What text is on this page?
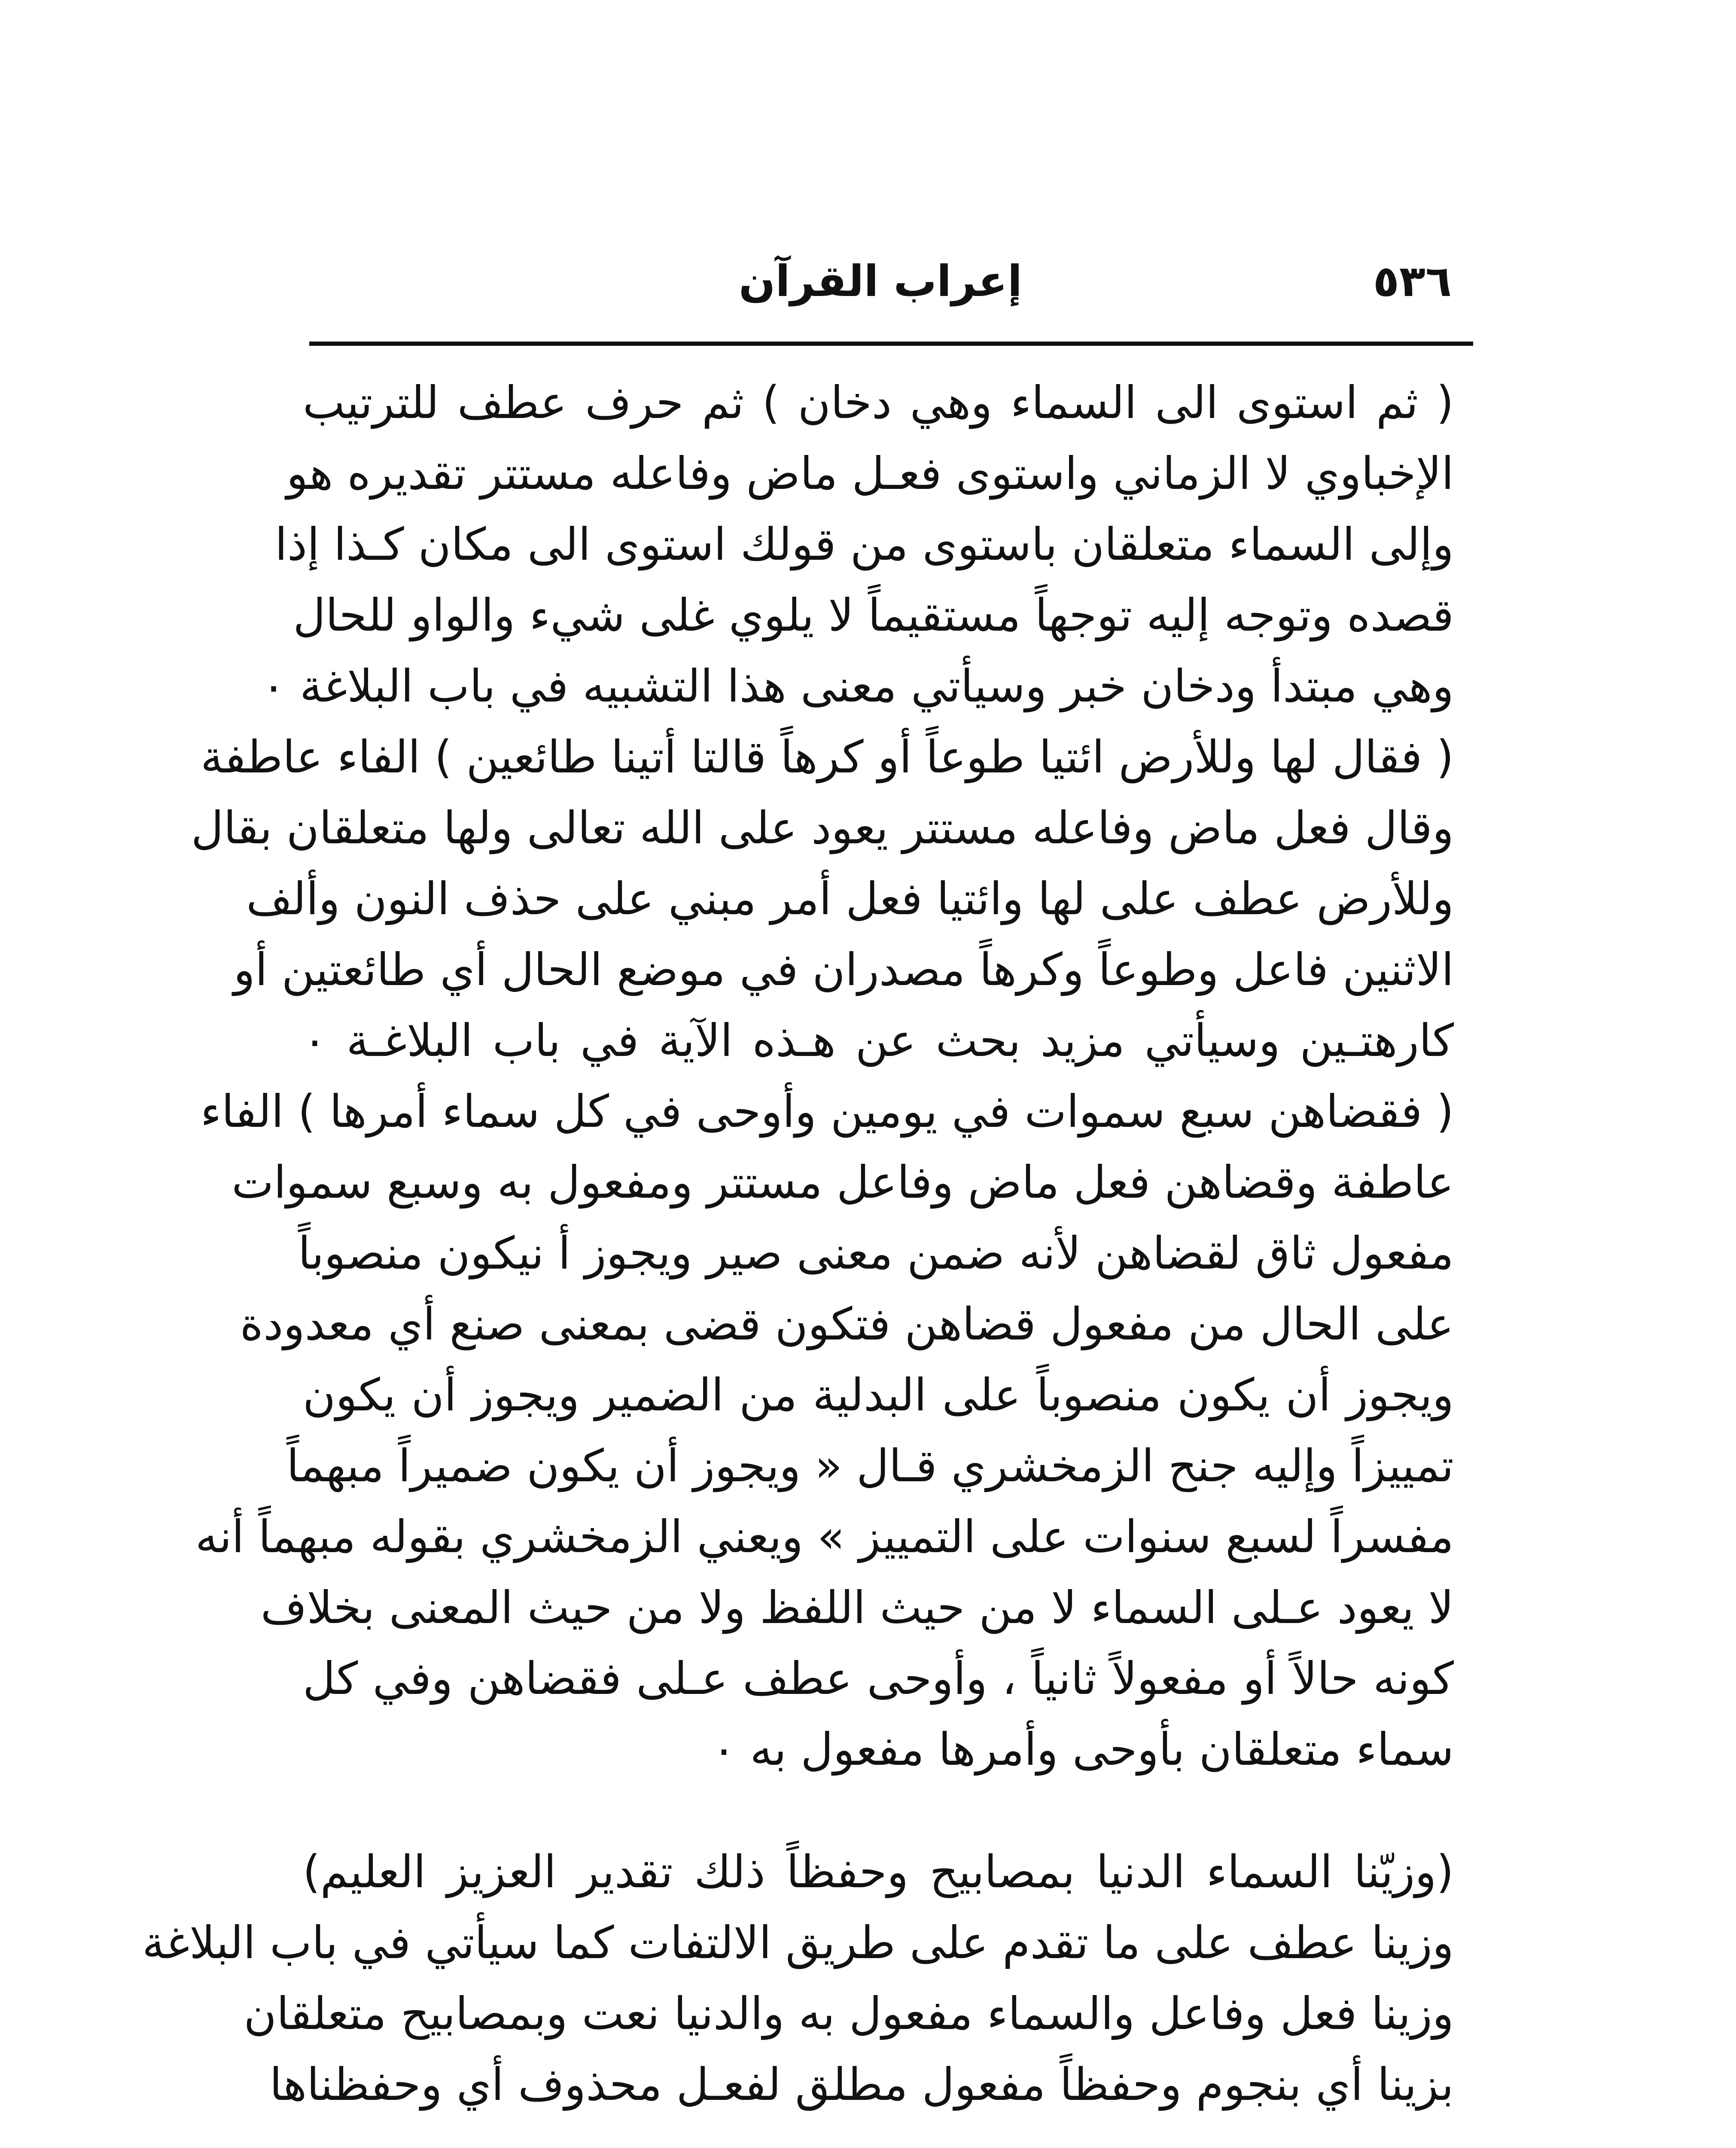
٥٣٦
إعراب القرآن
( ثم استوى الى السماء وهي دخان ) ثم حرف عطف للترتيب
الإخباوي لا الزماني واستوى فعـل ماض وفاعله مستتر تقديره هو
وإلى السماء متعلقان باستوى من قولك استوى الى مكان كـذا إذا
قصده وتوجه إليه توجهاً مستقيماً لا يلوي غلى شيء والواو للحال
وهي مبتدأ ودخان خبر وسيأتي معنى هذا التشبيه في باب البلاغة ٠
( فقال لها وللأرض ائتيا طوعاً أو كرهاً قالتا أتينا طائعين ) الفاء عاطفة
وقال فعل ماض وفاعله مستتر يعود على الله تعالى ولها متعلقان بقال
وللأرض عطف على لها وائتيا فعل أمر مبني على حذف النون وألف
الاثنين فاعل وطوعاً وكرهاً مصدران في موضع الحال أي طائعتين أو
كارهتـين وسيأتي مزيد بحث عن هـذه الآية في باب البلاغـة ٠
( فقضاهن سبع سموات في يومين وأوحى في كل سماء أمرها ) الفاء
عاطفة وقضاهن فعل ماض وفاعل مستتر ومفعول به وسبع سموات
مفعول ثاق لقضاهن لأنه ضمن معنى صير ويجوز أ نيكون منصوباً
على الحال من مفعول قضاهن فتكون قضى بمعنى صنع أي معدودة
ويجوز أن يكون منصوباً على البدلية من الضمير ويجوز أن يكون
تمييزاً وإليه جنح الزمخشري قـال « ويجوز أن يكون ضميراً مبهماً
مفسراً لسبع سنوات على التمييز » ويعني الزمخشري بقوله مبهماً أنه
لا يعود عـلى السماء لا من حيث اللفظ ولا من حيث المعنى بخلاف
كونه حالاً أو مفعولاً ثانياً ، وأوحى عطف عـلى فقضاهن وفي كل
سماء متعلقان بأوحى وأمرها مفعول به ٠
(وزيّنا السماء الدنيا بمصابيح وحفظاً ذلك تقدير العزيز العليم)
وزينا عطف على ما تقدم على طريق الالتفات كما سيأتي في باب البلاغة
وزينا فعل وفاعل والسماء مفعول به والدنيا نعت وبمصابيح متعلقان
بزينا أي بنجوم وحفظاً مفعول مطلق لفعـل محذوف أي وحفظناها
